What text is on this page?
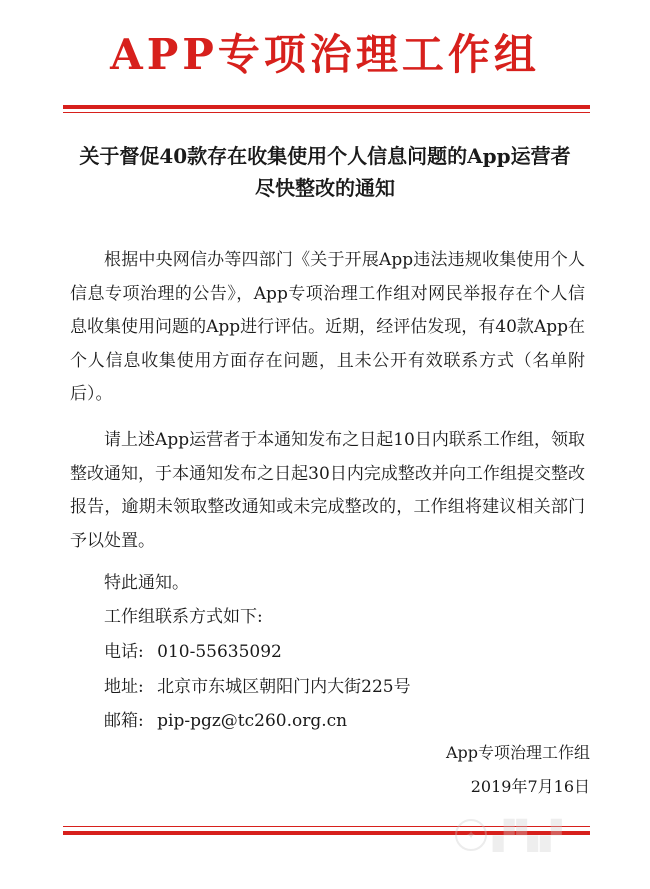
APP专项治理工作组
关于督促40款存在收集使用个人信息问题的App运营者
尽快整改的通知
根据中央网信办等四部门《关于开展App违法违规收集使用个人信息专项治理的公告》，App专项治理工作组对网民举报存在个人信息收集使用问题的App进行评估。近期，经评估发现，有40款App在个人信息收集使用方面存在问题，且未公开有效联系方式（名单附后）。
请上述App运营者于本通知发布之日起10日内联系工作组，领取整改通知，于本通知发布之日起30日内完成整改并向工作组提交整改报告，逾期未领取整改通知或未完成整改的，工作组将建议相关部门予以处置。
特此通知。
工作组联系方式如下:
电话: 010-55635092
地址: 北京市东城区朝阳门内大街225号
邮箱: pip-pgz@tc260.org.cn
App专项治理工作组
2019年7月16日
✦ ▞▚▞
